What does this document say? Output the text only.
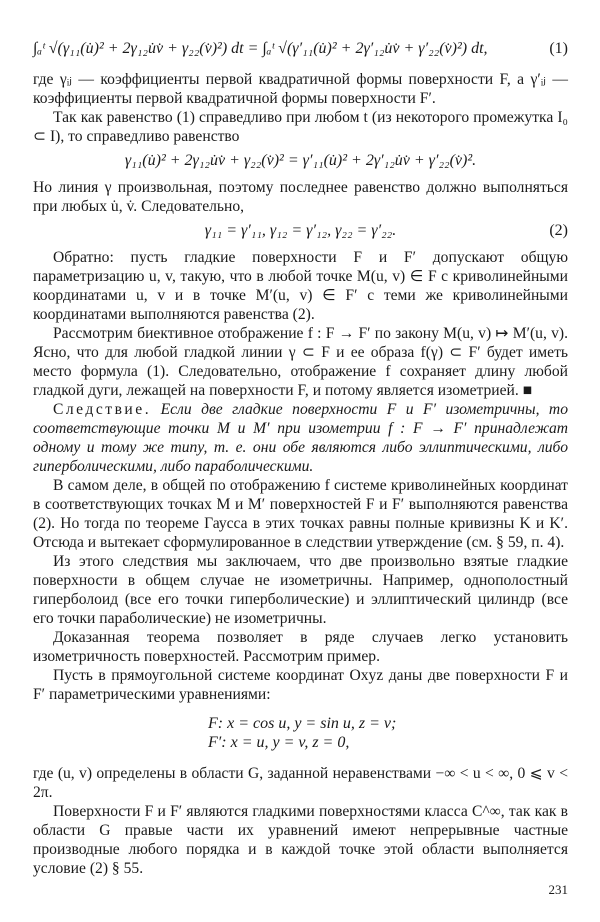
∫ₐᵗ √(γ₁₁(u̇)² + 2γ₁₂u̇v̇ + γ₂₂(v̇)²) dt = ∫ₐᵗ √(γ′₁₁(u̇)² + 2γ′₁₂u̇v̇ + γ′₂₂(v̇)²) dt,	(1)

где γᵢⱼ — коэффициенты первой квадратичной формы поверхности F, а γ′ᵢⱼ — коэффициенты первой квадратичной формы поверхности F′.

Так как равенство (1) справедливо при любом t (из некоторого промежутка I₀ ⊂ I), то справедливо равенство

γ₁₁(u̇)² + 2γ₁₂u̇v̇ + γ₂₂(v̇)² = γ′₁₁(u̇)² + 2γ′₁₂u̇v̇ + γ′₂₂(v̇)².

Но линия γ произвольная, поэтому последнее равенство должно выполняться при любых u̇, v̇. Следовательно,

γ₁₁ = γ′₁₁, γ₁₂ = γ′₁₂, γ₂₂ = γ′₂₂.	(2)

Обратно: пусть гладкие поверхности F и F′ допускают общую параметризацию u, v, такую, что в любой точке M(u, v) ∈ F с криволинейными координатами u, v и в точке M′(u, v) ∈ F′ с теми же криволинейными координатами выполняются равенства (2).

Рассмотрим биективное отображение f : F → F′ по закону M(u, v) ↦ M′(u, v). Ясно, что для любой гладкой линии γ ⊂ F и ее образа f(γ) ⊂ F′ будет иметь место формула (1). Следовательно, отображение f сохраняет длину любой гладкой дуги, лежащей на поверхности F, и потому является изометрией. ■

Следствие. Если две гладкие поверхности F и F′ изометричны, то соответствующие точки M и M′ при изометрии f : F → F′ принадлежат одному и тому же типу, т. е. они обе являются либо эллиптическими, либо гиперболическими, либо параболическими.

В самом деле, в общей по отображению f системе криволинейных координат в соответствующих точках M и M′ поверхностей F и F′ выполняются равенства (2). Но тогда по теореме Гаусса в этих точках равны полные кривизны K и K′. Отсюда и вытекает сформулированное в следствии утверждение (см. § 59, п. 4).

Из этого следствия мы заключаем, что две произвольно взятые гладкие поверхности в общем случае не изометричны. Например, однополостный гиперболоид (все его точки гиперболические) и эллиптический цилиндр (все его точки параболические) не изометричны.

Доказанная теорема позволяет в ряде случаев легко установить изометричность поверхностей. Рассмотрим пример.

Пусть в прямоугольной системе координат Oxyz даны две поверхности F и F′ параметрическими уравнениями:

F: x = cos u, y = sin u, z = v;
F′: x = u, y = v, z = 0,

где (u, v) определены в области G, заданной неравенствами −∞ < u < ∞, 0 ⩽ v < 2π.

Поверхности F и F′ являются гладкими поверхностями класса C^∞, так как в области G правые части их уравнений имеют непрерывные частные производные любого порядка и в каждой точке этой области выполняется условие (2) § 55.

231
